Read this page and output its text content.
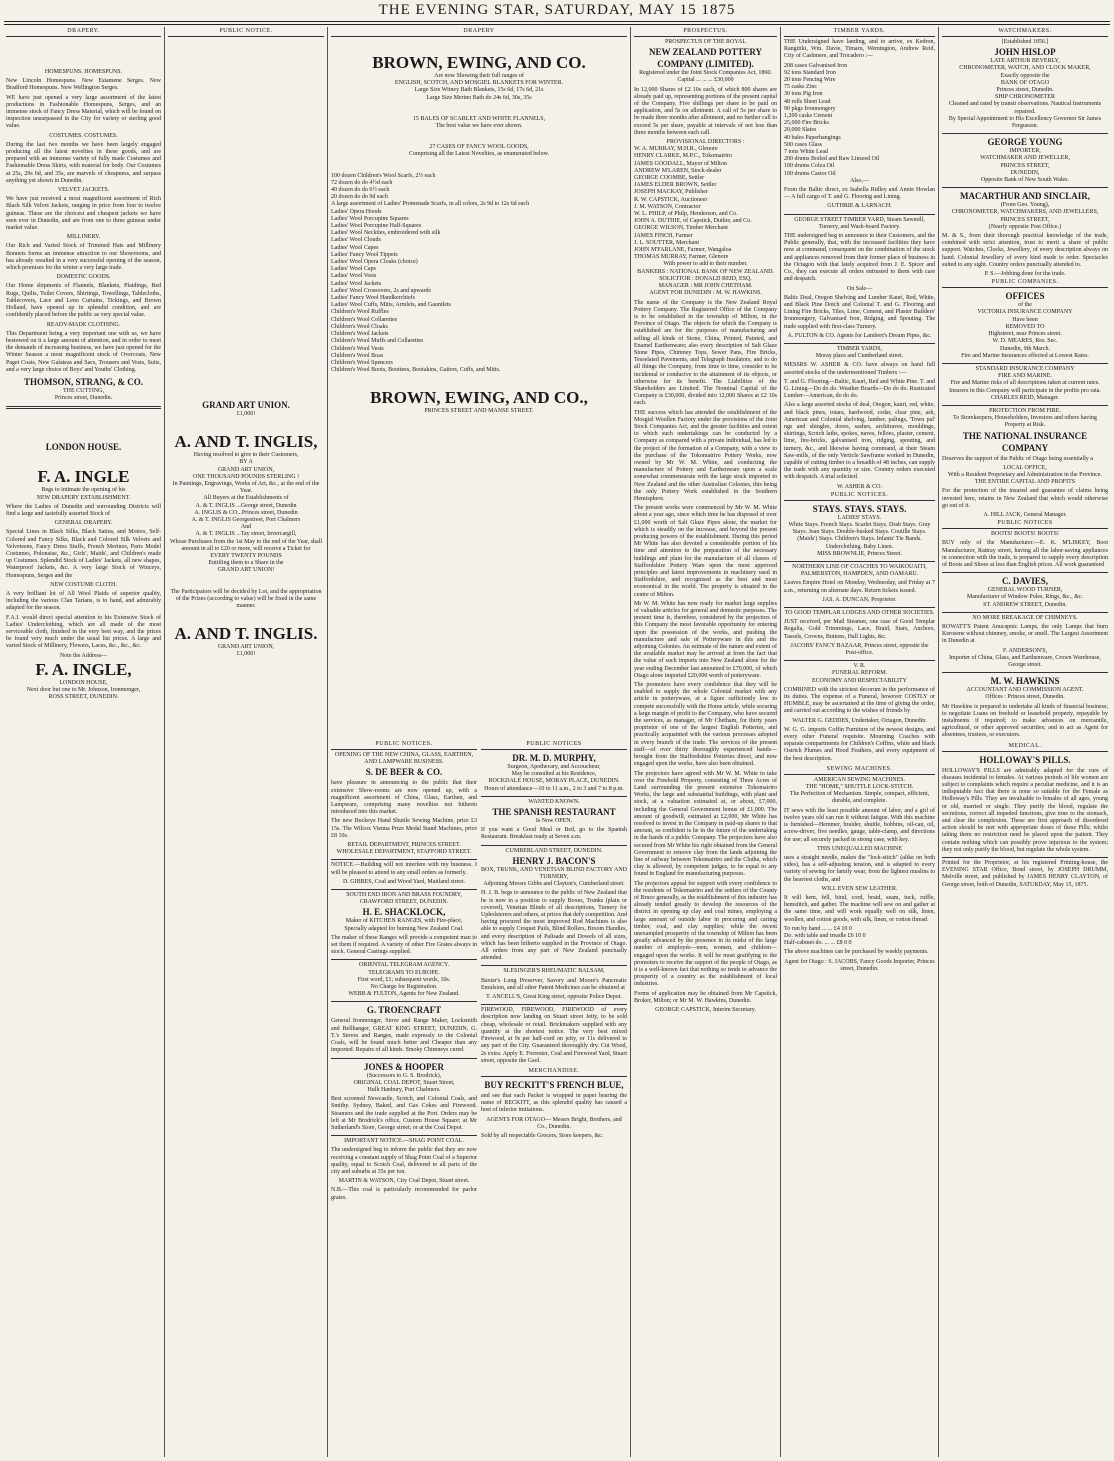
THE EVENING STAR, SATURDAY, MAY 15 1875
DRAPERY.
HOMESPUNS. HOMESPUNS.
New Lincoln Homespuns. New Estamene Serges. New Bradford Homespuns. New Wellington Serges.
WE have just opened a very large assortment of the latest productions in Fashionable Homespuns, Serges, and an immense stock of Fancy Dress Material, which will be found on inspection unsurpassed in the City for variety or sterling good value.
COSTUMES. COSTUMES.
During the last two months we have been largely engaged producing all the latest novelties in these goods, and are prepared with an immense variety of fully made Costumes and Fashionable Dress Skirts, with material for body. Our Costumes at 25s, 29s 6d, and 35s, are marvels of cheapness, and surpass anything yet shown in Dunedin.
VELVET JACKETS.
We have just received a most magnificent assortment of Rich Black Silk Velvet Jackets, ranging in price from four to twelve guineas. These are the choicest and cheapest jackets we have seen ever in Dunedin, and are from one to three guineas under market value.
MILLINERY.
Our Rich and Varied Stock of Trimmed Hats and Millinery Bonnets forms an immense attraction to our Showrooms, and has already resulted in a very successful opening of the season, which promises for the winter a very large trade.
DOMESTIC GOODS.
Our Home shipments of Flannels, Blankets, Plaidings, Bed Rugs, Quilts, Toilet Covers, Shirtings, Towellings, Tablecloths, Tablecovers, Lace and Leno Curtains, Tickings, and Brown Holland, have opened up in splendid condition, and are confidently placed before the public as very special value.
READY-MADE CLOTHING.
This Department being a very important one with us, we have bestowed on it a large amount of attention, and in order to meet the demands of increasing business, we have just opened for the Winter Season a most magnificent stock of Overcoats, New Paget Coats, New Galateas and Sacs, Trousers and Vests, Suits, and a very large choice of Boys' and Youths' Clothing.
THOMSON, STRANG, & CO.
THE CUTTING,
Princes street, Dunedin.
LONDON HOUSE.
F. A. INGLE
Begs to intimate the opening of his
NEW DRAPERY ESTABLISHMENT.
Where the Ladies of Dunedin and surrounding Districts will find a large and tastefully assorted Stock of
GENERAL DRAPERY.
Special Lines in Black Silks, Black Satins, and Moires, Self-Colored and Fancy Silks, Black and Colored Silk Velvets and Velveteens, Fancy Dress Stuffs, French Merinos, Paris Model Costumes, Polonaise, &c., Girls', Maids', and Children's made up Costumes. Splendid Stock of Ladies' Jackets, all new shapes, Waterproof Jackets, &c. A very large Stock of Winceys, Homespuns, Serges and the
NEW COSTUME CLOTH.
A very brilliant lot of All Wool Plaids of superior quality, including the various Clan Tartans, is to hand, and admirably adapted for the season.
F.A.I. would direct special attention to his Extensive Stock of Ladies' Underclothing, which are all made of the most serviceable cloth, finished in the very best way, and the prices be found very much under the usual list prices. A large and varied Stock of Millinery, Flowers, Laces, &c., &c., &c.
Note the Address—
F. A. INGLE,
LONDON HOUSE,
Next door but one to Mr. Johnson, Ironmonger,
ROSS STREET, DUNEDIN.
PUBLIC NOTICE.
GRAND ART UNION.
£1,000!
A. AND T. INGLIS,
Having resolved to give to their Customers,
BY A
GRAND ART UNION,
ONE THOUSAND POUNDS STERLING !
In Paintings, Engravings, Works of Art, &c., at the end of the Year.
All Buyers at the Establishments of
A. & T. INGLIS ...George street, Dunedin
A. INGLIS & CO...Princes street, Dunedin
A. & T. INGLIS Georgestreet, Port Chalmers
And
A. & T. INGLIS ...Tay street, Invercargill,
Whose Purchases from the 1st May to the end of the Year, shall amount in all to £20 or more, will receive a Ticket for
EVERY TWENTY POUNDS
Entitling them to a Share in the
GRAND ART UNION!
The Participators will be decided by Lot, and the appropriation of the Prizes (according to value) will be fixed in the same manner.
A. AND T. INGLIS.
GRAND ART UNION,
£1,000!
DRAPERY
BROWN, EWING, AND CO.
Are now Showing their full ranges of
ENGLISH, SCOTCH, AND MOSGIEL BLANKETS FOR WINTER.
Large Size Witney Bath Blankets, 15s 6d, 17s 6d, 21s
Large Size Merino Bath do 24s 6d, 30s, 35s
15 BALES OF SCARLET AND WHITE FLANNELS,
The best value we have ever shown.
27 CASES OF FANCY WOOL GOODS,
Comprising all the Latest Novelties, as enumerated below.
100 dozen Children's Wool Scarfs, 2½ each
72 dozen do do 4½d each
40 dozen do do 6½ each
20 dozen do do 9d each
A large assortment of Ladies' Promenade Scarfs, in all colors, 2s 9d to 12s 6d each
Ladies' Opera Hoods
Ladies' Wool Porcupine Squares
Ladies' Wool Porcupine Half-Squares
Ladies' Wool Neckties, embroidered with silk
Ladies' Wool Clouds
Ladies' Wool Capes
Ladies' Fancy Wool Tippets
Ladies' Wool Opera Cloaks (choice)
Ladies' Wool Caps
Ladies' Wool Vests
Ladies' Wool Jackets
Ladies' Wool Crossovers, 2s and upwards
Ladies' Fancy Wool Handkerchiefs
Ladies' Wool Cuffs, Mitts, Armlets, and Gauntlets
Children's Wool Ruffles
Children's Wool Collarettes
Children's Wool Cloaks
Children's Wool Jackets
Children's Wool Muffs and Collarettes
Children's Wool Vests
Children's Wool Boas
Children's Wool Spencers
Children's Wool Boots, Boottees, Bootakins, Gaiters, Cuffs, and Mitts.
BROWN, EWING, AND CO.,
PRINCES STREET AND MANSE STREET.
PUBLIC NOTICES.
OPENING OF THE NEW CHINA, GLASS, EARTHEN, AND LAMPWARE BUSINESS.
S. DE BEER & CO.
have pleasure in announcing to the public that their extensive Show-rooms are now opened up, with a magnificent assortment of China, Glass, Earthen, and Lampware, comprising many novelties not hitherto introduced into this market.
The new Buckeye Hand Shuttle Sewing Machine, price £3 15s. The Wilcox Vienna Prize Medal Stand Machines, price £8 10s.
RETAIL DEPARTMENT, PRINCES STREET. WHOLESALE DEPARTMENT, STAFFORD STREET.
NOTICE.—Building will not interfere with my business. I will be pleased to attend to any small orders as formerly.
D. GIBBES, Coal and Wood Yard, Maitland street.
SOUTH END IRON AND BRASS FOUNDRY, CRAWFORD STREET, DUNEDIN.
H. E. SHACKLOCK,
Maker of KITCHEN RANGES, with Fire-place,
Specially adapted for burning New Zealand Coal.
The maker of these Ranges will provide a competent man to set them if required. A variety of other Fire Grates always in stock. General Castings supplied.
ORIENTAL TELEGRAM AGENCY.
TELEGRAMS TO EUROPE.
First word, £1; subsequent words, 10s.
No Charge for Registration.
WEBB & FULTON, Agents for New Zealand.
G. TROENCRAFT
General Ironmonger, Stove and Range Maker, Locksmith and Bellhanger, GREAT KING STREET, DUNEDIN. G. T.'s Stoves and Ranges, made expressly to the Colonial Coals, will be found much better and Cheaper than any imported. Repairs of all kinds. Smoky Chimneys cured.
JONES & HOOPER
(Successors to G. S. Brodrick),
ORIGINAL COAL DEPOT, Stuart Street,
Hulk Hanbury, Port Chalmers.
Best screened Newcastle, Scotch, and Colonial Coals, and Smithy. Sydney, Baked, and Gas Cokes and Firewood. Steamers and the trade supplied at the Port. Orders may be left at Mr Brodrick's office, Custom House Square; at Mr Sutherland's Store, George street; or at the Coal Depot.
IMPORTANT NOTICE.—SHAG POINT COAL.
The undersigned beg to inform the public that they are now receiving a constant supply of Shag Point Coal of a Superior quality, equal to Scotch Coal, delivered to all parts of the city and suburbs at 35s per ton.
MARTIN & WATSON, City Coal Depot, Stuart street.
N.B.—This coal is particularly recommended for parlor grates.
PUBLIC NOTICES
DR. M. D. MURPHY,
Surgeon, Apothecary, and Accoucheur,
May be consulted at his Residence,
ROCKDALE HOUSE, MORAY PLACE, DUNEDIN.
Hours of attendance—10 to 11 a.m., 2 to 3 and 7 to 8 p.m.
WANTED KNOWN.
THE SPANISH RESTAURANT
Is Now OPEN.
If you want a Good Meal or Bed, go to the Spanish Restaurant. Breakfast ready at Seven a.m.
CUMBERLAND STREET, DUNEDIN.
HENRY J. BACON'S
BOX, TRUNK, AND VENETIAN BLIND FACTORY AND TURNERY,
Adjoining Messrs Gibbs and Clayton's, Cumberland street.
H. J. B. begs to announce to the public of New Zealand that he is now in a position to supply Boxes, Trunks (plain or covered), Venetian Blinds of all descriptions, Turnery for Upholsterers and others, at prices that defy competition. And having procured the most improved Rod Machines is also able to supply Croquet Pails, Blind Rollers, Broom Handles, and every description of Palisade and Dowels of all sizes, which has been hitherto supplied in the Province of Otago. All orders from any part of New Zealand punctually attended.
SLESINGER'S RHEUMATIC BALSAM,
Baxter's Lung Preserver, Savory and Moore's Pancreatic Emulsion, and all other Patent Medicines can be obtained at
T. ANCELL'S, Great King street, opposite Police Depot.
FIREWOOD, FIREWOOD, FIREWOOD of every description now landing on Stuart street Jetty, to be sold cheap, wholesale or retail. Brickmakers supplied with any quantity at the shortest notice. The very best mixed Firewood, at 9s per half-cord on jetty, or 11s delivered to any part of the City. Guaranteed thoroughly dry. Cut Wood, 2s extra. Apply E. Forrester, Coal and Firewood Yard, Stuart street, opposite the Gaol.
MERCHANDISE.
BUY RECKITT'S FRENCH BLUE,
and see that each Packet is wrapped in paper bearing the name of RECKITT, as this splendid quality has caused a host of inferior imitations.
AGENTS FOR OTAGO— Messrs Bright, Brothers, and Co., Dunedin.
Sold by all respectable Grocers, Store keepers, &c.
PROSPECTUS.
PROSPECTUS OF THE ROYAL
NEW ZEALAND POTTERY COMPANY (LIMITED).
Registered under the Joint Stock Companies Act, 1860.
Capital ... ... ... £30,000
In 12,000 Shares of £2 10s each, of which 800 shares are already paid up, representing portions of the present capital of the Company. Five shillings per share to be paid on application, and 5s on allotment. A call of 5s per share to be made three months after allotment, and no further call to exceed 5s per share, payable at intervals of not less than three months between each call.
PROVISIONAL DIRECTORS :
W. A. MURRAY, M.H.R., Glenore
HENRY CLARKE, M.P.C., Tokomairiro
JAMES GOODALL, Mayor of Milton
ANDREW M'LAREN, Stock-dealer
GEORGE COOMBE, Settler
JAMES ELDER BROWN, Settler
JOSEPH MACKAY, Publisher
R. W. CAPSTICK, Auctioneer
J. M. WATSON, Contractor
W. L. PHILP, of Philp, Henderson, and Co.
JOHN A. DUTHIE, of Capstick, Duthie, and Co.
GEORGE WILSON, Timber Merchant
JAMES FINCH, Farmer
J. L. SOUTTER, Merchant
JOHN M'FARLANE, Farmer, Wangaloa
THOMAS MURRAY, Farmer, Glenore
With power to add to their number.
BANKERS : NATIONAL BANK OF NEW ZEALAND.
SOLICITOR : DONALD REID, ESQ.
MANAGER : MR JOHN CHETHAM.
AGENT FOR DUNEDIN : M. W. HAWKINS.
The name of the Company is the New Zealand Royal Pottery Company. The Registered Office of the Company is to be established in the township of Milton, in the Province of Otago. The objects for which the Company is established are for the purposes of manufacturing and selling all kinds of Stone, China, Printed, Painted, and Enamel Earthenware; also every description of Salt Glaze Stone Pipes, Chimney Tops, Sewer Pans, Fire Bricks, Tesselated Pavements, and Telegraph Insulators, and to do all things the Company, from time to time, consider to be incidental or conducive to the attainment of its objects, or otherwise for its benefit. The Liabilities of the Shareholders are Limited. The Nominal Capital of the Company is £30,000, divided into 12,000 Shares at £2 10s each.
THE success which has attended the establishment of the Mosgiel Woollen Factory under the provisions of the Joint Stock Companies Act, and the greater facilities and extent to which such undertakings can be conducted by a Company as compared with a private individual, has led to the project of the formation of a Company, with a view to the purchase of the Tokomairiro Pottery Works, now owned by Mr W. M. White, and conducting the manufacture of Pottery and Earthenware upon a scale somewhat commensurate with the large stock imported to New Zealand and the other Australian Colonies, this being the only Pottery Work established in the Southern Hemisphere.
The present works were commenced by Mr W. M. White about a year ago, since which time he has disposed of over £1,000 worth of Salt Glaze Pipes alone, the market for which is steadily on the increase, and beyond the present producing powers of the establishment. During this period Mr White has also devoted a considerable portion of his time and attention to the preparation of the necessary buildings and plant for the manufacture of all classes of Staffordshire Pottery Ware upon the most approved principles and latest improvements in machinery used in Staffordshire, and recognised as the best and most economical in the world. The property is situated in the centre of Milton.
Mr W. M. White has now ready for market large supplies of valuable articles for general and domestic purposes. The present time is, therefore, considered by the projectors of this Company the most favorable opportunity for entering upon the possession of the works, and pushing the manufacture and sale of Potteryware in this and the adjoining Colonies. An estimate of the nature and extent of the available market may be arrived at from the fact that the value of such imports into New Zealand alone for the year ending December last amounted to £70,000, of which Otago alone imported £20,000 worth of potteryware.
The promoters have every confidence that they will be enabled to supply the whole Colonial market with any article in potteryware, at a figure sufficiently low to compete successfully with the Home article, while securing a large margin of profit to the Company, who have secured the services, as manager, of Mr Chetham, for thirty years proprietor of one of the largest English Potteries, and practically acquainted with the various processes adopted in every branch of the trade. The services of the present staff—of over thirty thoroughly experienced hands—brought from the Staffordshire Potteries direct, and now engaged upon the works, have also been obtained.
The projectors have agreed with Mr W. M. White to take over the Freehold Property, consisting of Three Acres of Land surrounding the present extensive Tokomairiro Works, the large and substantial buildings, with plant and stock, at a valuation estimated at, or about, £7,000, including the General Government bonus of £1,000. The amount of goodwill, estimated at £2,000, Mr White has resolved to invest in the Company in paid-up shares to that amount, so confident is he in the future of the undertaking in the hands of a public Company. The projectors have also secured from Mr White his right obtained from the General Government to remove clay from the lands adjoining the line of railway between Tokomairiro and the Clutha, which clay is allowed, by competent judges, to be equal to any found in England for manufacturing purposes.
The projectors appeal for support with every confidence to the residents of Tokomairiro and the settlers of the County of Bruce generally, as the establishment of this industry has already tended greatly to develop the resources of the district in opening up clay and coal mines, employing a large amount of outside labor in procuring and carting timber, coal, and clay supplies; while the recent unexampled prosperity of the township of Milton has been greatly advanced by the presence in its midst of the large number of employés—men, women, and children—engaged upon the works. It will be most gratifying to the promoters to receive the support of the people of Otago, as it is a well-known fact that nothing so tends to advance the prosperity of a country as the establishment of local industries.
Forms of application may be obtained from Mr Capstick, Broker, Milton; or Mr M. W. Hawkins, Dunedin.
GEORGE CAPSTICK, Interim Secretary.
TIMBER YARDS.
THE Undersigned have landing, and to arrive, ex Kedron, Rangitiki, Wm. Davie, Timaru, Wemington, Andrew Reid, City of Cashmere, and Trocadero :—
208 cases Galvanised Iron
92 tons Standard Iron
20 tons Fencing Wire
75 casks Zinc
30 tons Pig Iron
48 rolls Sheet Lead
90 pkgs Ironmongery
1,200 casks Cement
25,000 Fire Bricks
20,000 Slates
40 bales Paperhangings
500 cases Glass
7 tons White Lead
200 drums Boiled and Raw Linseed Oil
100 drums Colza Oil
100 drums Castor Oil
Also,—
From the Baltic direct, ex Isabella Ridley and Annie Howlan— A full cargo of T. and G. Flooring and Lining.
GUTHRIE & LARNACH.
GEORGE STREET TIMBER YARD, Steam Sawmill, Turnery, and Wash-board Factory.
THE undersigned beg to announce to their Customers, and the Public generally, that, with the increased facilities they have now at command, consequent on the combination of the stock and appliances removed from their former place of business in the Octagon with that lately acquired from J. E. Spicer and Co., they can execute all orders entrusted to them with care and despatch.
On Sale—
Baltic Deal, Oregon Shelving and Lumber Kauri, Red, White, and Black Pine Dotch and Colonial T. and G. Flooring and Lining Fire Bricks, Tiles, Lime, Cement, and Plaster Builders' Ironmongery, Galvanised Iron, Ridging, and Spouting. The trade supplied with first-class Turnery.
A. FULTON & CO. Agents for Lambert's Dream Pipes, &c.
TIMBER YARDS,
Moray place and Cumberland street.
MESSRS W. ASHER & CO. have always on hand full assorted stocks of the undermentioned Timbers :—
T. and G. Flooring—Baltic, Kauri, Red and White Pine. T. and G. Lining—Do do do. Weather Boards—Do do do. Rusticated Lumber—American, do do do.
Also a large assorted stocks of deal, Oregon, kauri, red, white, and black pines, totara, hardwood, cedar, clear pine, ash, American and Colonial shelving, lumber, palings, 'Town pal' ngs and shingles, doors, sashes, architraves, mouldings, skirtings, Scotch laths, spokes, naves, felloes, plaster, cement, lime, fire-bricks, galvanised iron, ridging, spouting, and turnery, &c., and likewise having command, at their Steam Saw-mills, of the only Verticle Sawframe worked in Dunedin, capable of cutting timber to a breadth of 48 inches, can supply the trade with any quantity or size. Country orders executed with despatch. A trial solicited.
W. ASHER & CO.
PUBLIC NOTICES.
STAYS. STAYS. STAYS.
LADIES' STAYS.
White Stays. French Stays. Scarlet Stays. Drab Stays. Gray Stays. Jean Stays. Double-busked Stays. Coutille Stays. (Maids') Stays. Children's Stays. Infants' Tie Bands. Underclothing. Baby Linen.
MISS BROWNLIE, Princes Street.
NORTHERN LINE OF COACHES TO WAIKOUAITI, PALMERSTON, HAMPDEN, AND OAMARU.
Leaves Empire Hotel on Monday, Wednesday, and Friday at 7 a.m., returning on alternate days. Return tickets issued.
JAS. A. DUNCAN, Proprietor.
TO GOOD TEMPLAR LODGES AND OTHER SOCIETIES.
JUST received, per Mail Steamer, one case of Good Templar Regalia, Gold Trimmings, Lace, Braid, Stars, Anchors, Tassels, Crowns, Buttons, Hall Lights, &c.
JACOBS' FANCY BAZAAR, Princes street, opposite the Post-office.
V. R.
FUNERAL REFORM.
ECONOMY AND RESPECTABILITY
COMBINED with the strictest decorum in the performance of its duties. The expense of a Funeral, however COSTLY or HUMBLE, may be ascertained at the time of giving the order, and carried out according to the wishes of friends by
WALTER G. GEDDES, Undertaker, Octagon, Dunedin.
W. G. G. imports Coffin Furniture of the newest designs, and every other Funeral requisite. Mourning Coaches with separate compartments for Children's Coffins, white and black Ostrich Plumes and Hood Feathers, and every equipment of the best description.
SEWING MACHINES.
AMERICAN SEWING MACHINES.
THE "HOME," SHUTTLE LOCK-STITCH.
The Perfection of Mechanism. Simple, compact, efficient, durable, and complete.
IT sews with the least possible amount of labor, and a girl of twelve years old can run it without fatigue. With this machine is furnished—Hemmer, braider, shuttle, bobbins, oil-can, oil, screw-driver, five needles, gauge, table-clamp, and directions for use; all securely packed in strong case, with key.
THIS UNEQUALLED MACHINE
uses a straight needle, makes the "lock-stitch" (alike on both sides), has a self-adjusting tension, and is adapted to every variety of sewing for family wear, from the lightest muslins to the heaviest cloths, and
WILL EVEN SEW LEATHER.
It will hem, fell, bind, cord, braid, seam, tuck, ruffle, hemstitch, and gather. The machine will sew on and gather at the same time, and will work equally well on silk, linen, woollen, and cotton goods, with silk, linen, or cotton thread.
To run by hand ... ... £4 10 0
Do. with table and treadle £6 10 0
Half-cabinet do. ... ... £8 0 0
The above machines can be purchased by weekly payments.
Agent for Otago : S. JACOBS, Fancy Goods Importer, Princes street, Dunedin.
WATCHMAKERS.
[Established 1856.]
JOHN HISLOP
LATE ARTHUR BEVERLY,
CHRONOMETER, WATCH, AND CLOCK MAKER,
Exactly opposite the
BANK OF OTAGO
Princes street, Dunedin.
SHIP CHRONOMETER
Cleaned and rated by transit observations. Nautical Instruments repaired.
By Special Appointment to His Excellency Governor Sir James Fergusson.
GEORGE YOUNG
IMPORTER,
WATCHMAKER AND JEWELLER,
PRINCES STREET,
DUNEDIN,
Opposite Bank of New South Wales.
MACARTHUR AND SINCLAIR,
(From Geo. Young),
CHRONOMETER, WATCHMAKERS, AND JEWELLERS,
PRINCES STREET,
(Nearly opposite Post Office.)
M. & S., from their thorough practical knowledge of the trade, combined with strict attention, trust to merit a share of public support. Watches, Clocks, Jewellery, of every description always on hand. Colonial Jewellery of every kind made to order. Spectacles suited to any sight. Country orders punctually attended to.
P. S.—Jobbing done for the trade.
PUBLIC COMPANIES.
OFFICES
of the
VICTORIA INSURANCE COMPANY
Have been
REMOVED TO
Highstreet, near Princes street.
W. D. MEARES, Res. Sec.
Dunedin, 9th March.
Fire and Marine Insurances effected at Lowest Rates.
STANDARD INSURANCE COMPANY
FIRE AND MARINE.
Fire and Marine risks of all descriptions taken at current rates.
Insurers in this Company will participate in the profits pro rata.
CHARLES REID, Manager.
PROTECTION FROM FIRE.
To Storekeepers, Householders, Investors and others having Property at Risk.
THE NATIONAL INSURANCE COMPANY
Deserves the support of the Public of Otago being essentially a
LOCAL OFFICE,
With a Resident Proprietary and Administration in the Province.
THE ENTIRE CAPITAL AND PROFITS
For the protection of the insured and guarantee of claims being invested here, retains in New Zealand that which would otherwise go out of it.
A. HILL JACK, General Manager.
PUBLIC NOTICES
BOOTS! BOOTS! BOOTS!
BUY only of the Manufacturer.—E. K. M'LISKEY, Boot Manufacturer, Rattray street, having all the labor-saving appliances in connection with the trade, is prepared to supply every description of Boots and Shoes at less than English prices. All work guaranteed
C. DAVIES,
GENERAL WOOD TURNER,
Manufacturer of Window Poles, Rings, &c., &c.
ST. ANDREW STREET, Dunedin.
NO MORE BREAKAGE OF CHIMNEYS.
ROWATT'S Patent Anucapnic Lamps, the only Lamps that burn Kerosene without chimney, smoke, or smell. The Largest Assortment in Dunedin at
F. ANDERSON'S,
Importer of China, Glass, and Earthenware, Crown Warehouse, George street.
M. W. HAWKINS
ACCOUNTANT AND COMMISSION AGENT.
Offices : Princes street, Dunedin.
Mr Hawkins is prepared to undertake all kinds of financial business; to negotiate Loans on freehold or leasehold property, repayable by instalments if required; to make advances on mercantile, agricultural, or other approved securities; and to act as Agent for absentees, trustees, or executors.
MEDICAL.
HOLLOWAY'S PILLS.
HOLLOWAY'S PILLS are admirably adapted for the cure of diseases incidental to females. At various periods of life women are subject to complaints which require a peculiar medicine, and it is an indisputable fact that there is none so suitable for the Female as Holloway's Pills. They are invaluable to females of all ages, young or old, married or single. They purify the blood, regulate the secretions, correct all impeded functions, give tone to the stomach, and clear the complexion. These are first approach of disordered action should be met with appropriate doses of these Pills; whilst taking them no restriction need be placed upon the patient. They contain nothing which can possibly prove injurious to the system; they not only purify the blood, but regulate the whole system.
Printed for the Proprietor, at his registered Printing-house, the EVENING STAR Office, Bond street, by JOSEPH DRUMM, Melville street, and published by JAMES HENRY CLAYTON, of George street, both of Dunedin, SATURDAY, May 15, 1875.
